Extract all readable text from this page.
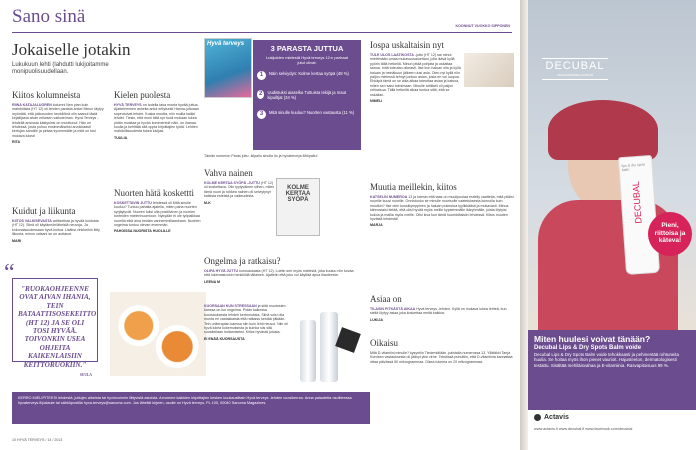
Sano sinä	KOONNUT VUOKKO SIPPONEN
Jokaiselle jotakin
Lukukuun lehti (lahdutti lukijoitamme monipuolisuudellaan.
Kiitos kolumneista
RIINA KATAJALUOREN kolumni Nen pian kuin mahdollista (HT 12) oli lehden parasta antia! Minun täytyy myöntää, että jokkusuden henkilöinä olin saanut tästä kirjailijasta aivan erilaisen vaikutelman. Hyvä Terveys -lehdellä ansiosta kästysinsi on muuttunut. Hän on lehdessä, josta puhuu ensimmäiseksi arvokkaasti kertojan sanoille ja pintaa syvemmälle ja mitä on tosi mukava lukea!
RITA
Kuidut ja liikunta
KIITOS VALKISEVASTA artikkelista ja hyvää kuidusta (HT 12). Siinä oli käytännönläheisiä neuvoja. Ja kokonaisuudessaan hyvä kuitua. Lisäksi vinkkeihin liitty liikunta, minun vatsani se on auttanut.
MARI
“
"RUOKAOHJEENNE OVAT AIVAN IHANIA, TEIN BATAATTISOSEKEITTO (HT 12) JA SE OLI TOSI HYVÄÄ. TOIVONKIN USEA OHJEITA KAIKENLAISIIN KEITTORUOKIIN."
SUULA
Kielen puolesta
HYVÄ TERVEYS on todella tasa monta hyvää juttua. Ajattelemmen asheita antoi erityisesti Hanna-juttuaan sopeutuivat lehdet. Koska muutta, niin muilla kaikki lehdet. Tiesin, että moni tätä nyt huoli mukaan lukea pidän muistaa ja hyvän kommentoit näin, on ihanaa kuulla ja kehittää sitä oppia kirjoittajien työtä. Lehtien mahdollisuudesta tukea lukijaa.
TUULIA
Nuorten hätä koskettti
KOSKETTAVIN JUTTU lehdessä oli Mitä sinulle kuuluu? Tuntuu pahalta ajatella, miten paha nuorten syrjäytyvät. Nuoren tulisi olla positiivinen ja nuorien tunteiden mielenhuomioon. Nykyään ei ole työpaikkaa nuorilla eikä aina heidän vanhemmillaankaan. Nuorten ongelma tuntuu olevan enemmän.
PAHOISSA NUORISTA HUOLILLE
Hyvä terveys	3 PARASTA JUTTUA
Lukijoiden mielestä Hyvä terveys 12:n parhaat jutut olivat:
1	Näin selviydyn: Kolme kertaa syöpä (48 %)
2	Uudistuksi aiaselka Tuttuista tekijä ja maut kipuiltjat (34 %)
3	Mitä sinulle kuuluu? Nuorten vastausta (11 %)
Tämän numeron Paras juttu -kilpailu sinulla Ilo ja hyvaterveys.fi/kilpailu!
Vahva nainen
KOLME KERTAA SYÖPÄ -JUTTU (HT 12) oli koskettava. Olin tyytyväinen siihen, miten tämä nuori ja rohkea nainen oli selviytynyt kaikista esteistä ja vaikeudesta.
M-K
KOLME KERTAA SYÖPÄ
Ongelma ja ratkaisu?
OLIPA HYVÄ JUTTU kurosaukasta (HT 12). Luetin sen myös mielestä, joka kuuluu niin kovaa että lukemasivukin henkilöllä tällainen. Ajattelin että joku voi käyttää apua tilanteesta.
LEENA M
KUORSAAN KUN STRESSAAN ja siitä muutosten kanssa on iso ongelma. Pidän kaikessa kuorsauksesta lehden kertomuksia. Siinä voisi olla monta eri vastakkaisia että ratkaisu kestää pitkään. Tein uniterapian kanssa niin kuin lehti neuvoi. Niin oli hyvä lukea kokemuksista ja kuinka siis sitä suositellaan hoitamiseksi. Kiitos hyvästä jutusta.
EI ENÄÄ KUORSAUSTA
Iospa uskaltaisin nyt
TULE ULOS LAATIKOSTA -juttu (HT 12) sai minut miettimään omaa mukavuusaluettani, jolla ikävä kyllä pyörin tällä hetkellä. Minun pitää pohjata ja uskaltaa sanoa, mitä toteutan oikeasti. Itse kun haluan olla ja kyllä haluan ja heinäkuun jälkeen uusi asia. Olen nyt kyllä niin paljon mielessä tehnyt jonkun asian, josta en voi luopua. Ehkäpä tämä on se aika alkaa toteuttaa asiaa ja katsoa, miten sen saisi toimimaan. Minulle artikkeli oli paljon rohkaisua. Tällä hetkellä alkaa tuntua siltä, että se uskallan.
NIMELI
Muutia meillekin, kiitos
KATSELIN NUMEROA 13 ja totesin että taas on muutipuolaa esitelly vaatteita, mitä pitäisi nuorille kuusi nuorille. Onnistuuko se minulle nuorisolle vaatetuksesta kunnolla kuin muutkin? Itse olen kuusikymppinen ja haluan pukeutua tyylikkäästi ja mukavasti. Minua kiinnostaisi tietää, että olisi hyvää myös meille kypsemmälle ikäryhmälle, joista löytyisi kokoa ja mallia myös meille. Olisi kiva kun tämä huomioitaisiin lehdessä. Kiitos muuten hyvästä lehdestä!
MARJA
Asiaa on
TILASIN PITKÄSTÄ AIKAA Hyvä terveys -lehden. Kyllä on mukava lukea lehteä, kun sieltä löytyy asiaa joka koskettaa meitä kaikkia.
LUKIJA
Oikaisu
Mitä D-vitamiini minulle? kysyntiin Tiedemiälään -palstalla numerossa 13. Yllätäkki Tanja Koivisen vastauksesta oli jäänyt yksi virhe. Tekstissä puhuttiin, että D-vitamiinia kannattaa ottaa päivässä 50 mikrogrammaa. Oikea lukema on 20 mikrogrammaa.
KERRO MIELIPITEESI lehdestä, juttujen aiheista tai hyvinvoinnin liittyvistä asioista. Arvomme kaikkien kirjoittajien kesken kuukausittain Hyvä terveys -lehden vuosikerran. Anna palautetta osoitteessa hyvaterveys.fi/palaute tai sähköpostilla hyva.terveys@sanoma.com. Jos lähetät kirjeen, osoite on Hyvä terveys, PL 100, 00040 Sanoma Magazines.
10 HYVÄ TERVEYS / 14 / 2013
DECUBAL
LIKEANDERSEN-HOIDON
DECUBAL
lips & dry spots balm
Pieni, riittoisa ja käteva!
Miten huulesi voivat tänään?
Decubal Lips & Dry Spots Balm voide
Decubal Lips & Dry Spots Balm voide tehokkaasti ja pehmentää rohtuneita huulia. Se hoitaa myös ihon pienet vaurioit. Hajusteeton, dermatologisesti testattu. Sisältää mehiläisvahaa ja E-vitamiinia. Rasvapitoisuus 99 %.
Actavis
www.actavis.fi www.decubal.fi www.facebook.com/decubal
